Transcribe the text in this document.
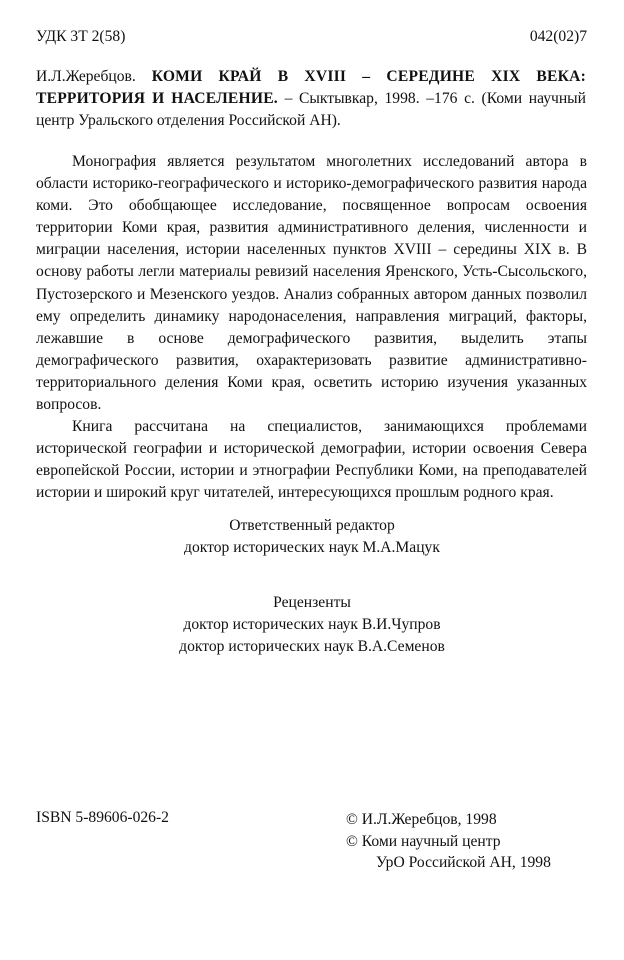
УДК 3Т 2(58)	042(02)7
И.Л.Жеребцов. КОМИ КРАЙ В XVIII – СЕРЕДИНЕ XIX ВЕКА: ТЕРРИТОРИЯ И НАСЕЛЕНИЕ. – Сыктывкар, 1998. –176 с. (Коми научный центр Уральского отделения Российской АН).

Монография является результатом многолетних исследований автора в области историко-географического и историко-демографического развития народа коми. Это обобщающее исследование, посвященное вопросам освоения территории Коми края, развития административного деления, численности и миграции населения, истории населенных пунктов XVIII – середины XIX в. В основу работы легли материалы ревизий населения Яренского, Усть-Сысольского, Пустозерского и Мезенского уездов. Анализ собранных автором данных позволил ему определить динамику народонаселения, направления миграций, факторы, лежавшие в основе демографического развития, выделить этапы демографического развития, охарактеризовать развитие административно-территориального деления Коми края, осветить историю изучения указанных вопросов.

Книга рассчитана на специалистов, занимающихся проблемами исторической географии и исторической демографии, истории освоения Севера европейской России, истории и этнографии Республики Коми, на преподавателей истории и широкий круг читателей, интересующихся прошлым родного края.

Ответственный редактор
доктор исторических наук М.А.Мацук
Рецензенты
доктор исторических наук В.И.Чупров
доктор исторических наук В.А.Семенов
ISBN 5-89606-026-2	© И.Л.Жеребцов, 1998
© Коми научный центр
УрО Российской АН, 1998
